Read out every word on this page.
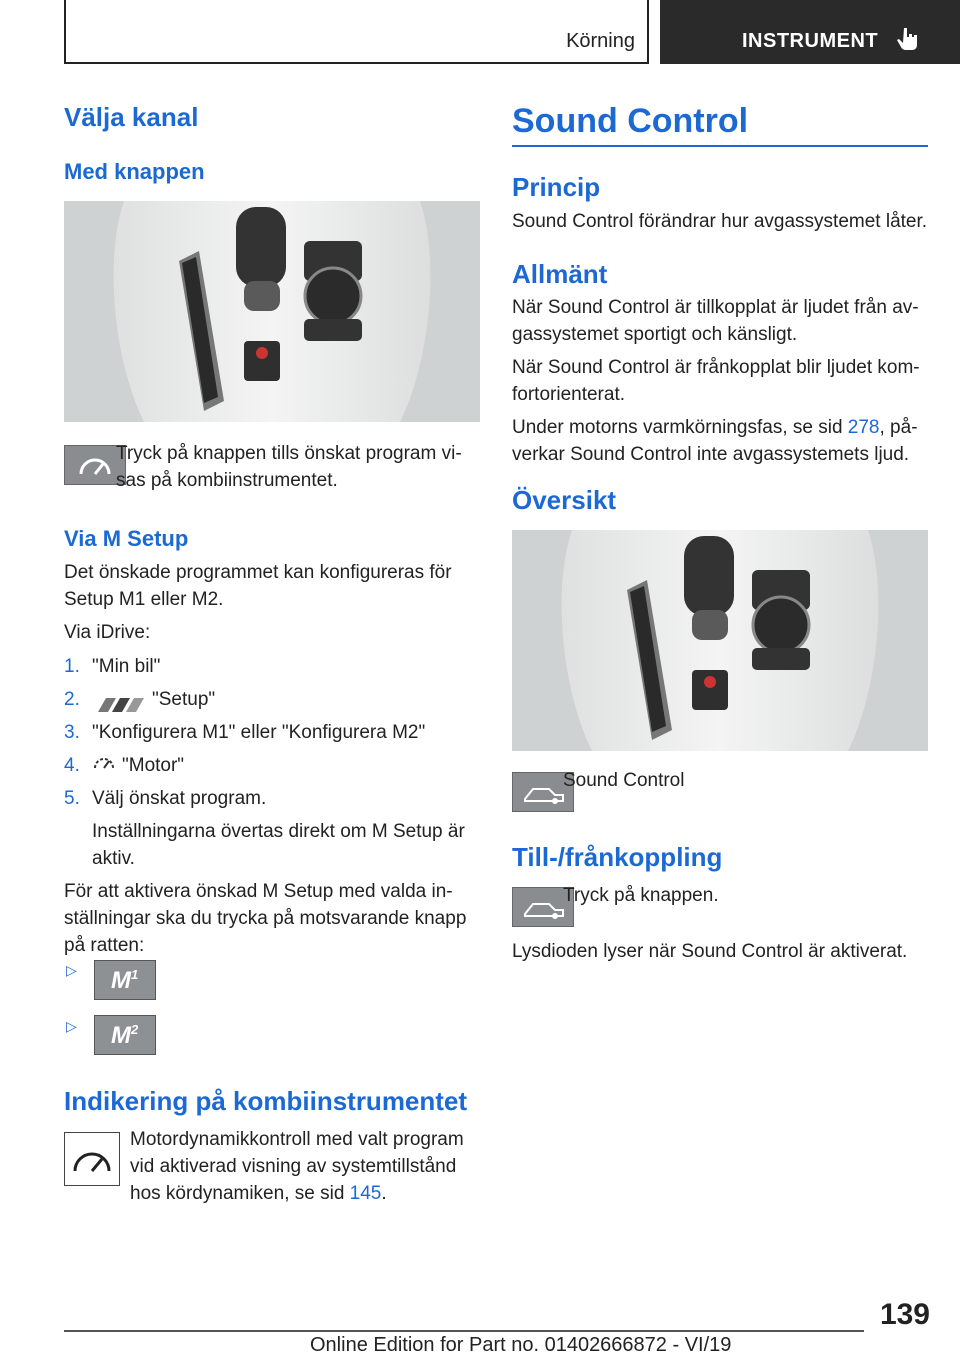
Körning	INSTRUMENT
Välja kanal
Med knappen
Tryck på knappen tills önskat program vi-
sas på kombiinstrumentet.
Via M Setup
Det önskade programmet kan konfigureras för
Setup M1 eller M2.
Via iDrive:
1. "Min bil"
2.	"Setup"
3. "Konfigurera M1" eller "Konfigurera M2"
4. "Motor"
5. Välj önskat program.
Inställningarna övertas direkt om M Setup är
aktiv.
För att aktivera önskad M Setup med valda in-
ställningar ska du trycka på motsvarande knapp
på ratten:
▷ $M^1$
▷ $M^2$
Indikering på kombiinstrumentet
Motordynamikkontroll med valt program
vid aktiverad visning av systemtillstånd
hos kördynamiken, se sid 145.
Sound Control
Princip
Sound Control förändrar hur avgassystemet låter.
Allmänt
När Sound Control är tillkopplat är ljudet från av-
gassystemet sportigt och känsligt.
När Sound Control är frånkopplat blir ljudet kom-
fortorienterat.
Under motorns varmkörningsfas, se sid 278, på-
verkar Sound Control inte avgassystemets ljud.
Översikt
Sound Control
Till-/frånkoppling
Tryck på knappen.
Lysdioden lyser när Sound Control är aktiverat.
139
Online Edition for Part no. 01402666872 - VI/19
